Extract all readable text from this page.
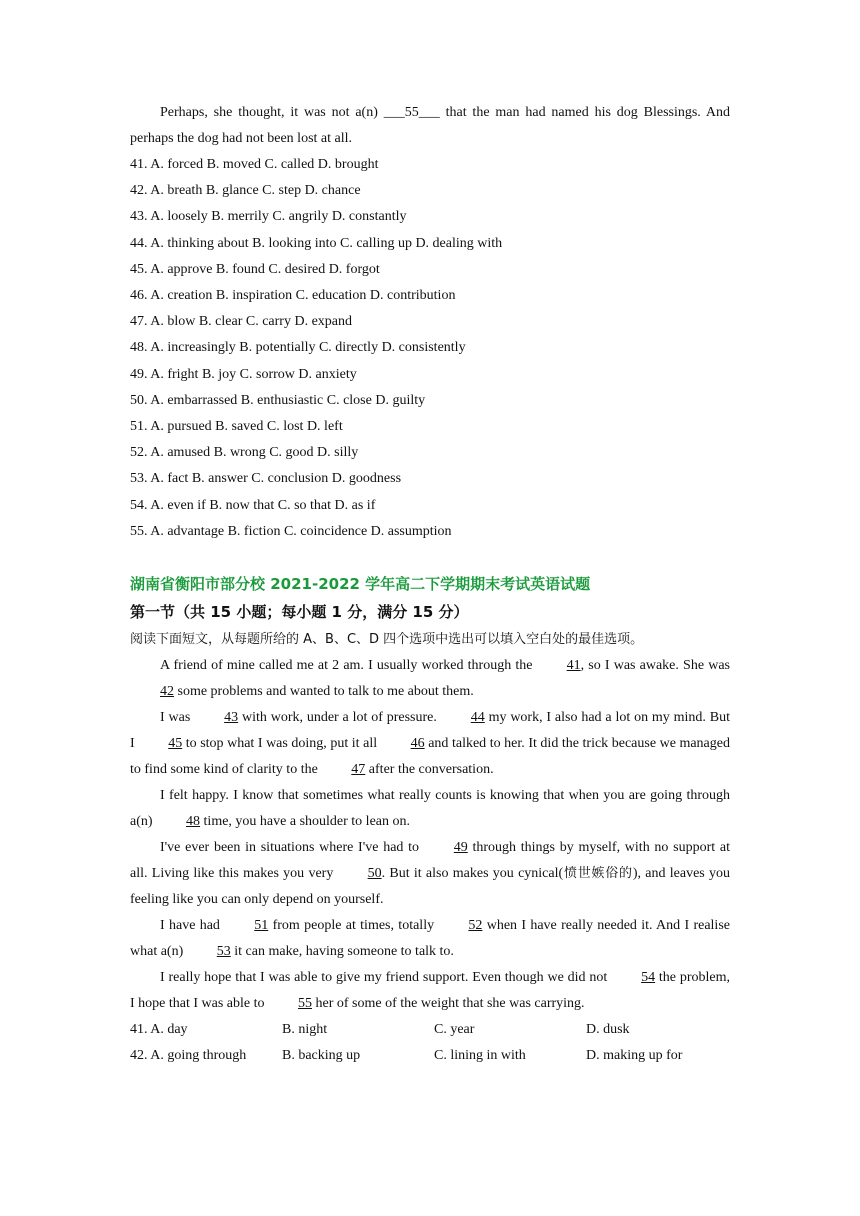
Perhaps, she thought, it was not a(n) ___55___ that the man had named his dog Blessings. And perhaps the dog had not been lost at all.

41. A. forced B. moved C. called D. brought

42. A. breath B. glance C. step D. chance

43. A. loosely B. merrily C. angrily D. constantly

44. A. thinking about B. looking into C. calling up D. dealing with

45. A. approve B. found C. desired D. forgot

46. A. creation B. inspiration C. education D. contribution

47. A. blow B. clear C. carry D. expand

48. A. increasingly B. potentially C. directly D. consistently

49. A. fright B. joy C. sorrow D. anxiety

50. A. embarrassed B. enthusiastic C. close D. guilty

51. A. pursued B. saved C. lost D. left

52. A. amused B. wrong C. good D. silly

53. A. fact B. answer C. conclusion D. goodness

54. A. even if B. now that C. so that D. as if

55. A. advantage B. fiction C. coincidence D. assumption

湖南省衡阳市部分校 2021-2022 学年高二下学期期末考试英语试题
第一节（共 15 小题；每小题 1 分，满分 15 分）

阅读下面短文，从每题所给的 A、B、C、D 四个选项中选出可以填入空白处的最佳选项。

A friend of mine called me at 2 am. I usually worked through the 41, so I was awake. She was 42 some problems and wanted to talk to me about them.

I was 43 with work, under a lot of pressure. 44 my work, I also had a lot on my mind. But I 45 to stop what I was doing, put it all 46 and talked to her. It did the trick because we managed to find some kind of clarity to the 47 after the conversation.

I felt happy. I know that sometimes what really counts is knowing that when you are going through a(n) 48 time, you have a shoulder to lean on.

I've ever been in situations where I've had to 49 through things by myself, with no support at all. Living like this makes you very 50. But it also makes you cynical(愤世嫉俗的), and leaves you feeling like you can only depend on yourself.

I have had 51 from people at times, totally 52 when I have really needed it. And I realise what a(n) 53 it can make, having someone to talk to.

I really hope that I was able to give my friend support. Even though we did not 54 the problem, I hope that I was able to 55 her of some of the weight that she was carrying.

41. A. day	B. night	C. year	D. dusk
42. A. going through	B. backing up	C. lining in with	D. making up for
